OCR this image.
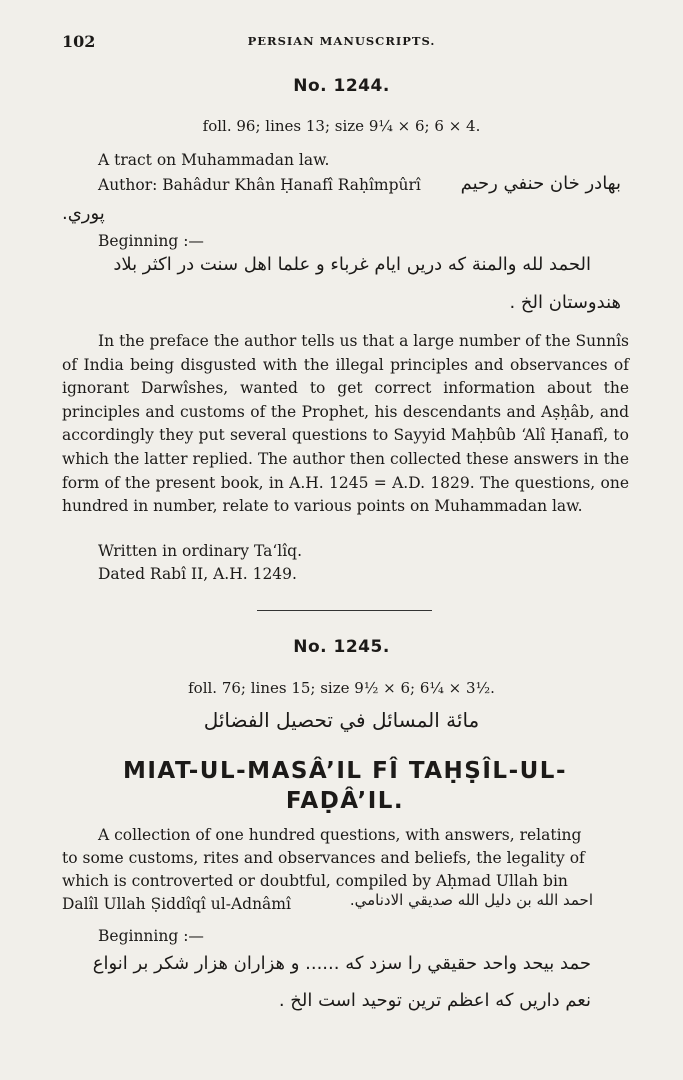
102	PERSIAN MANUSCRIPTS.
No. 1244.
foll. 96; lines 13; size 9¼ × 6; 6 × 4.
A tract on Muhammadan law.
Author: Bahâdur Khân Ḥanafî Raḥîmpûrî بهادر خان حنفي رحيم
پوري.
Beginning :—
الحمد لله والمنة كه دريں ايام غرباء و علما اهل سنت در اكثر بلاد
هندوستان الخ .
In the preface the author tells us that a large number of the Sunnîs of India being disgusted with the illegal principles and observances of ignorant Darwîshes, wanted to get correct information about the principles and customs of the Prophet, his descendants and Aṣḥâb, and accordingly they put several questions to Sayyid Maḥbûb ‘Alî Ḥanafî, to which the latter replied. The author then collected these answers in the form of the present book, in A.H. 1245 = A.D. 1829. The questions, one hundred in number, relate to various points on Muhammadan law.
Written in ordinary Ta‘lîq.
Dated Rabî II, A.H. 1249.
No. 1245.
foll. 76; lines 15; size 9½ × 6; 6¼ × 3½.
مائة المسائل في تحصيل الفضائل
MIAT-UL-MASÂ’IL FÎ TAḤṢÎL-UL-
FAḌÂ’IL.
A collection of one hundred questions, with answers, relating
to some customs, rites and observances and beliefs, the legality of
which is controverted or doubtful, compiled by Aḥmad Ullah bin
Dalîl Ullah Ṣiddîqî ul-Adnâmî	احمد الله بن دليل الله صديقي الادنامي.
Beginning :—
حمد بيحد واحد حقيقي را سزد كه ...... و هزاران هزار شكر بر انواع
نعم داريں كه اعظم ترين توحيد است الخ .
